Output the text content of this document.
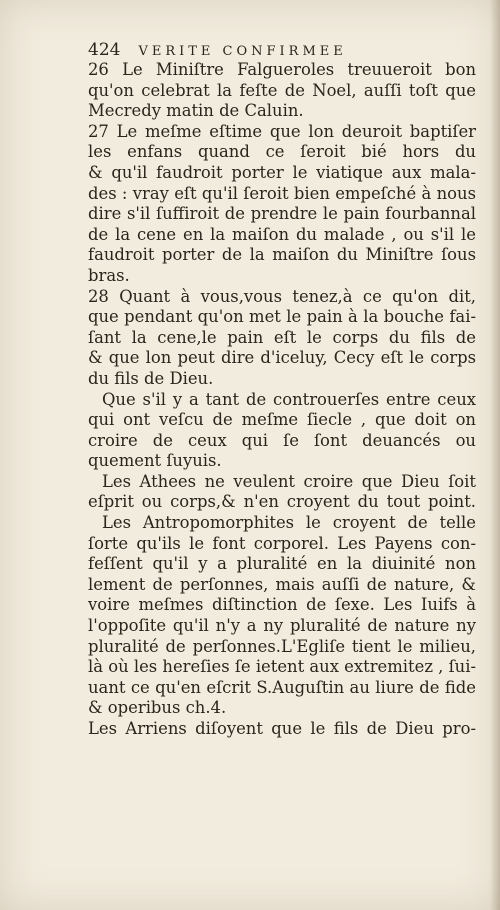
424 VERITE CONFIRMEE
26 Le Miniſtre Falgueroles treuueroit bon
qu'on celebrat la feſte de Noel, auſſi toſt que
Mecredy matin de Caluin.
27 Le meſme eſtime que lon deuroit baptiſer
les enfans quand ce ſeroit bié hors du
& qu'il faudroit porter le viatique aux mala-
des : vray eſt qu'il ſeroit bien empeſché à nous
dire s'il ſuffiroit de prendre le pain fourbannal
de la cene en la maiſon du malade , ou s'il le
faudroit porter de la maiſon du Miniſtre ſous
bras.
28 Quant à vous,vous tenez,à ce qu'on dit,
que pendant qu'on met le pain à la bouche fai-
ſant la cene,le pain eſt le corps du fils de
& que lon peut dire d'iceluy, Cecy eſt le corps
du fils de Dieu.
Que s'il y a tant de controuerſes entre ceux
qui ont veſcu de meſme ſiecle , que doit on
croire de ceux qui ſe ſont deuancés ou
quement ſuyuis.
Les Athees ne veulent croire que Dieu ſoit
eſprit ou corps,& n'en croyent du tout point.
Les Antropomorphites le croyent de telle
ſorte qu'ils le font corporel. Les Payens con-
feſſent qu'il y a pluralité en la diuinité non
lement de perſonnes, mais auſſi de nature, &
voire meſmes diſtinction de ſexe. Les Iuifs à
l'oppoſite qu'il n'y a ny pluralité de nature ny
pluralité de perſonnes.L'Egliſe tient le milieu,
là où les hereſies ſe ietent aux extremitez , ſui-
uant ce qu'en eſcrit S.Auguſtin au liure de fide
& operibus ch.4.
Les Arriens diſoyent que le fils de Dieu pro-
